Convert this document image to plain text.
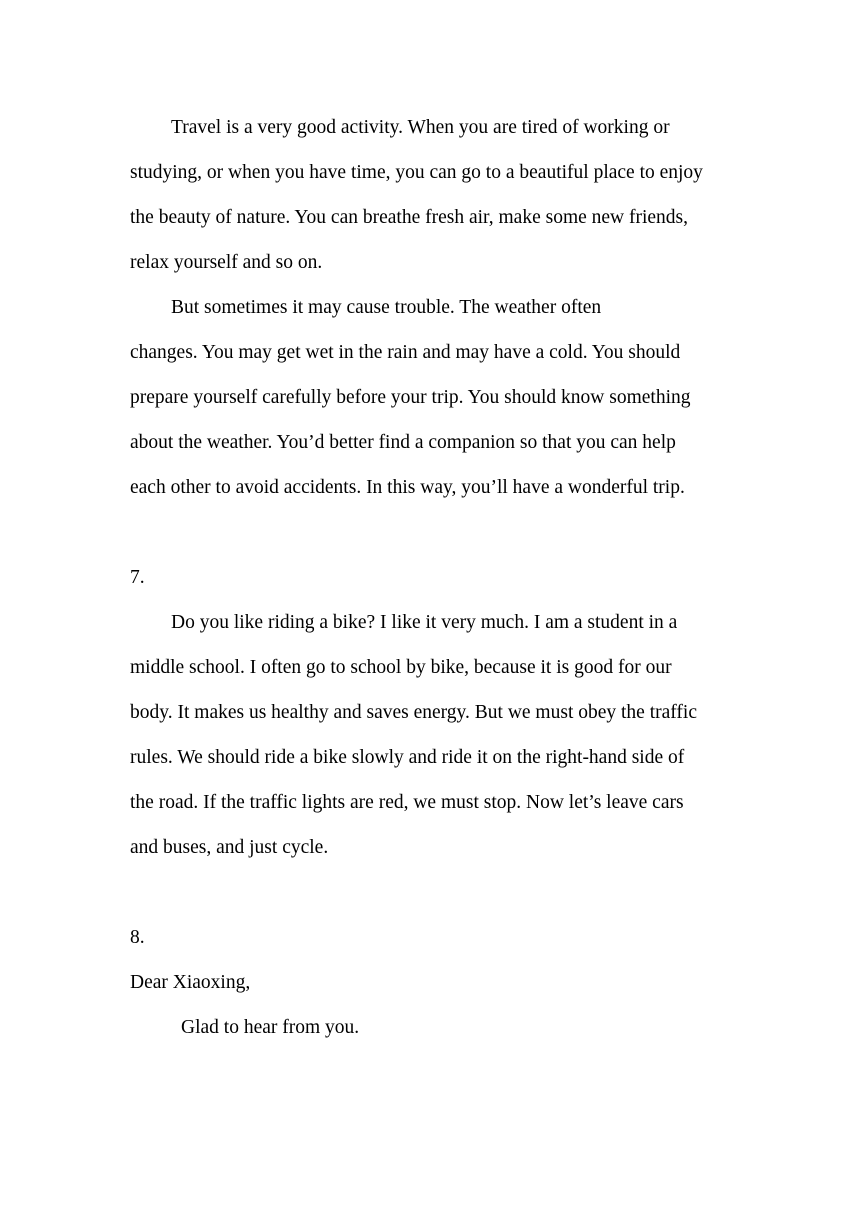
Travel is a very good activity. When you are tired of working or

studying, or when you have time, you can go to a beautiful place to enjoy

the beauty of nature. You can breathe fresh air, make some new friends,

relax yourself and so on.

But sometimes it may cause trouble. The weather often

changes. You may get wet in the rain and may have a cold. You should

prepare yourself carefully before your trip. You should know something

about the weather. You’d better find a companion so that you can help

each other to avoid accidents. In this way, you’ll have a wonderful trip.

7.

Do you like riding a bike? I like it very much. I am a student in a

middle school. I often go to school by bike, because it is good for our

body. It makes us healthy and saves energy. But we must obey the traffic

rules. We should ride a bike slowly and ride it on the right-hand side of

the road. If the traffic lights are red, we must stop. Now let’s leave cars

and buses, and just cycle.

8.

Dear Xiaoxing,

Glad to hear from you.
